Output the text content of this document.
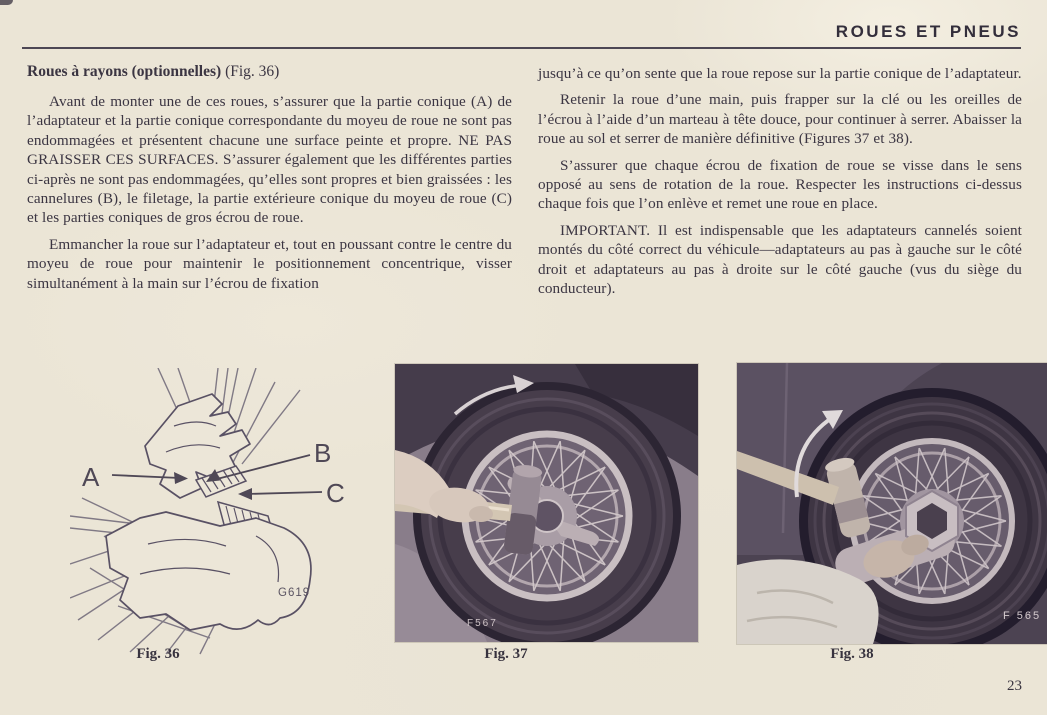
ROUES ET PNEUS
Roues à rayons (optionnelles) (Fig. 36)

Avant de monter une de ces roues, s’assurer que la partie conique (A) de l’adaptateur et la partie conique correspondante du moyeu de roue ne sont pas endommagées et présentent chacune une surface peinte et propre. NE PAS GRAISSER CES SURFACES. S’assurer également que les différentes parties ci-après ne sont pas endommagées, qu’elles sont propres et bien graissées : les cannelures (B), le filetage, la partie extérieure conique du moyeu de roue (C) et les parties coniques de gros écrou de roue.

Emmancher la roue sur l’adaptateur et, tout en poussant contre le centre du moyeu de roue pour maintenir le positionnement concentrique, visser simultanément à la main sur l’écrou de fixation

jusqu’à ce qu’on sente que la roue repose sur la partie conique de l’adaptateur.

Retenir la roue d’une main, puis frapper sur la clé ou les oreilles de l’écrou à l’aide d’un marteau à tête douce, pour continuer à serrer. Abaisser la roue au sol et serrer de manière définitive (Figures 37 et 38).

S’assurer que chaque écrou de fixation de roue se visse dans le sens opposé au sens de rotation de la roue. Respecter les instructions ci-dessus chaque fois que l’on enlève et remet une roue en place.

IMPORTANT. Il est indispensable que les adaptateurs cannelés soient montés du côté correct du véhicule—adaptateurs au pas à gauche sur le côté droit et adaptateurs au pas à droite sur le côté gauche (vus du siège du conducteur).

A
B
C
G619
Fig. 36
F567
Fig. 37
F 565
Fig. 38
23
